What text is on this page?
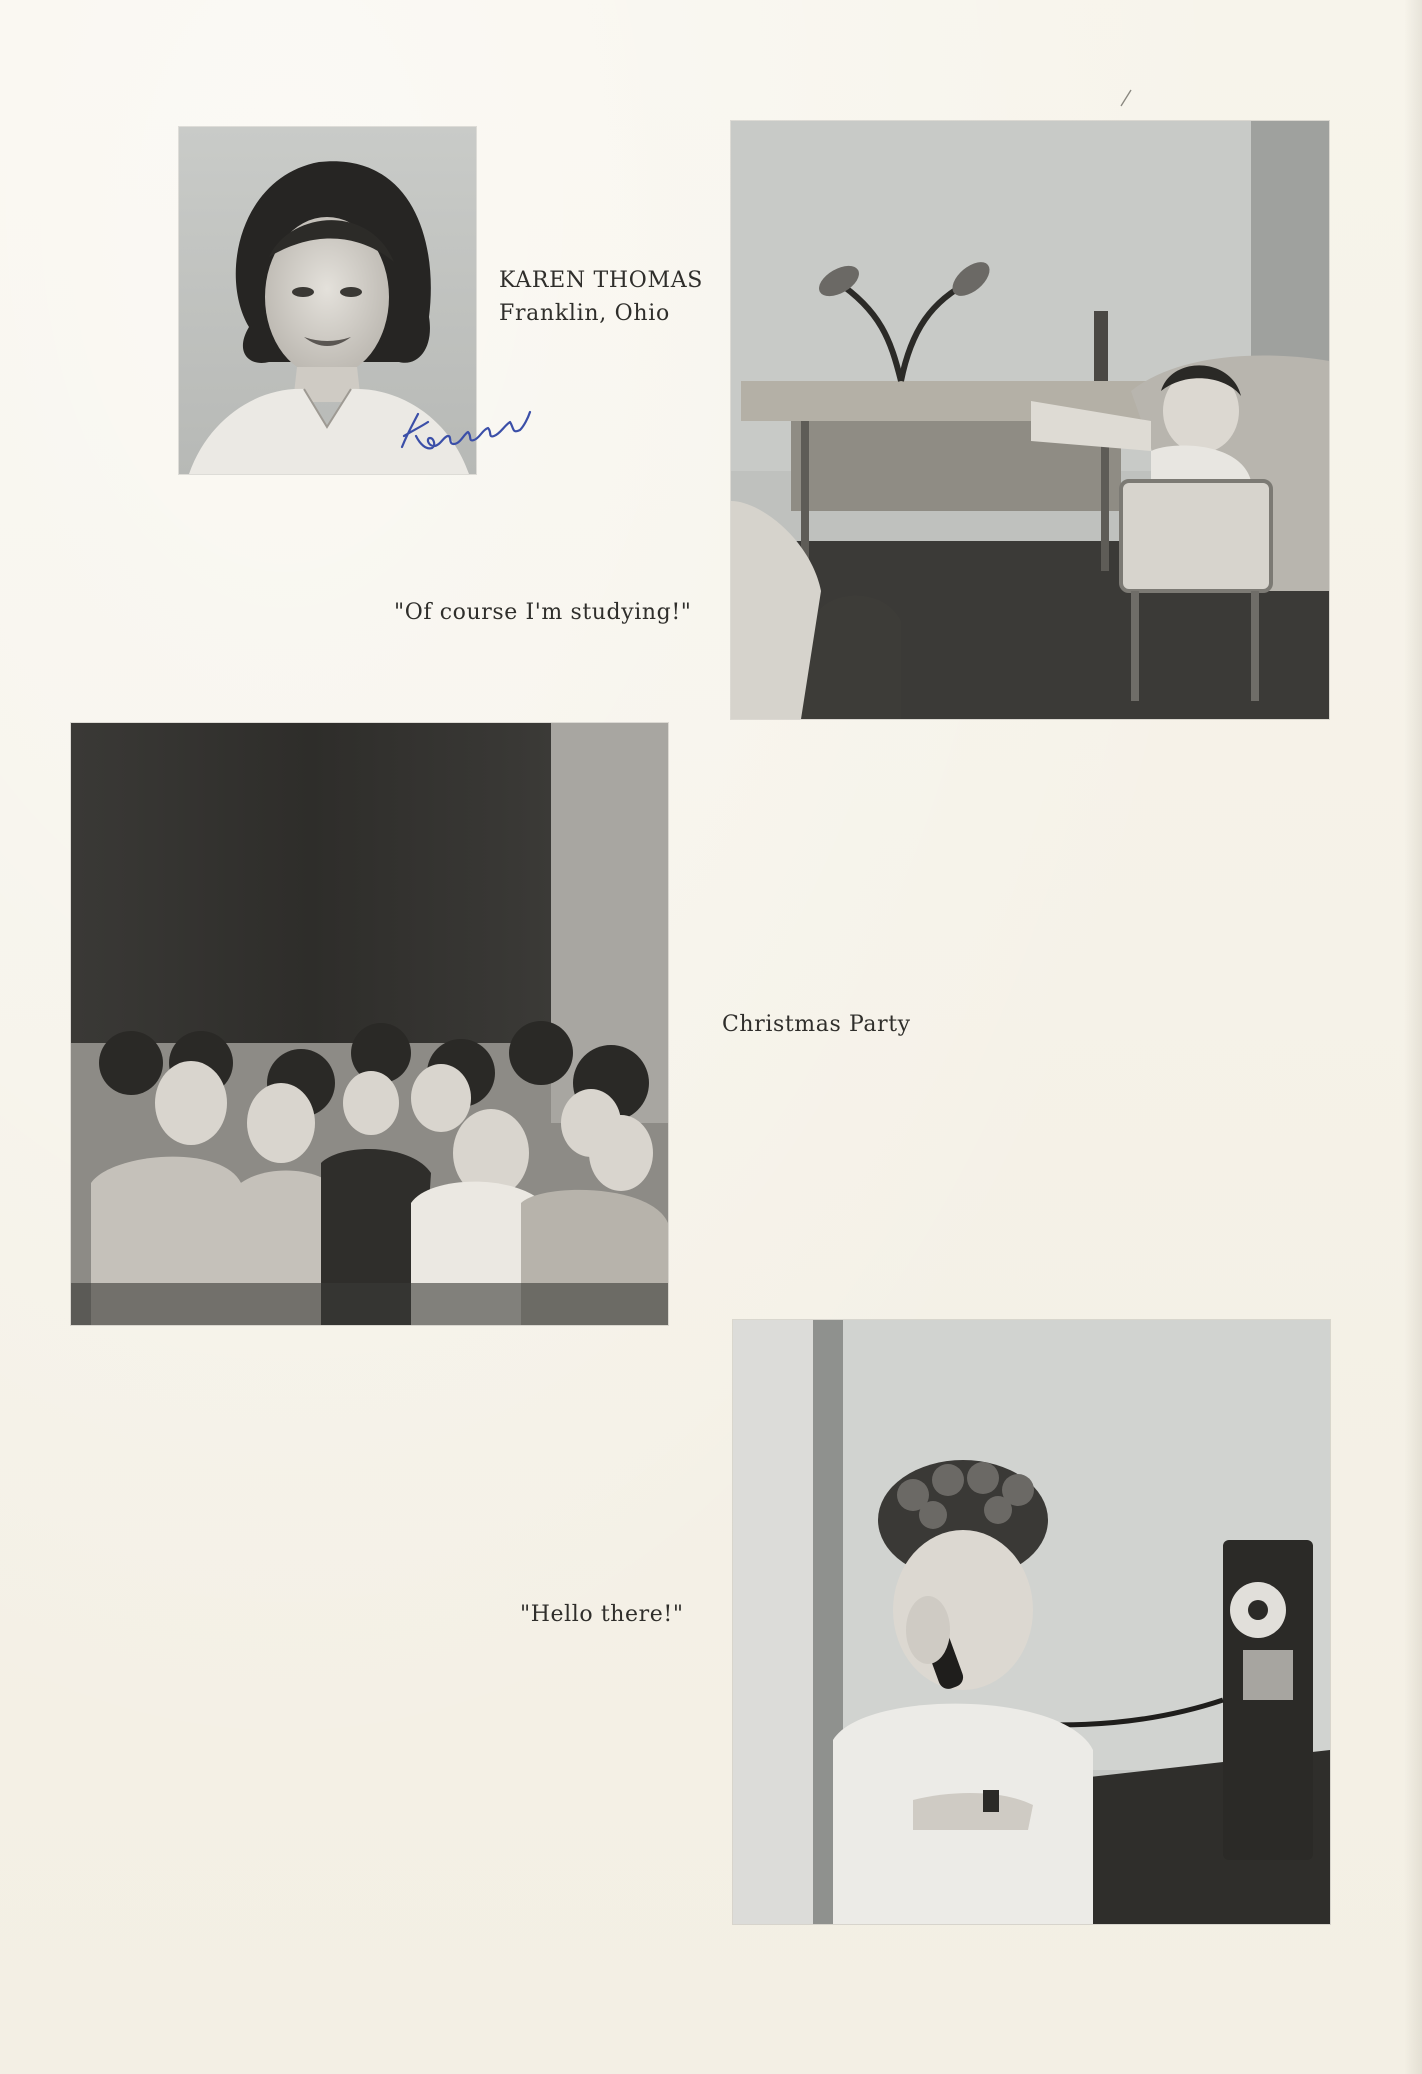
KAREN THOMAS
Franklin, Ohio
"Of course I'm studying!"
Christmas Party
"Hello there!"
